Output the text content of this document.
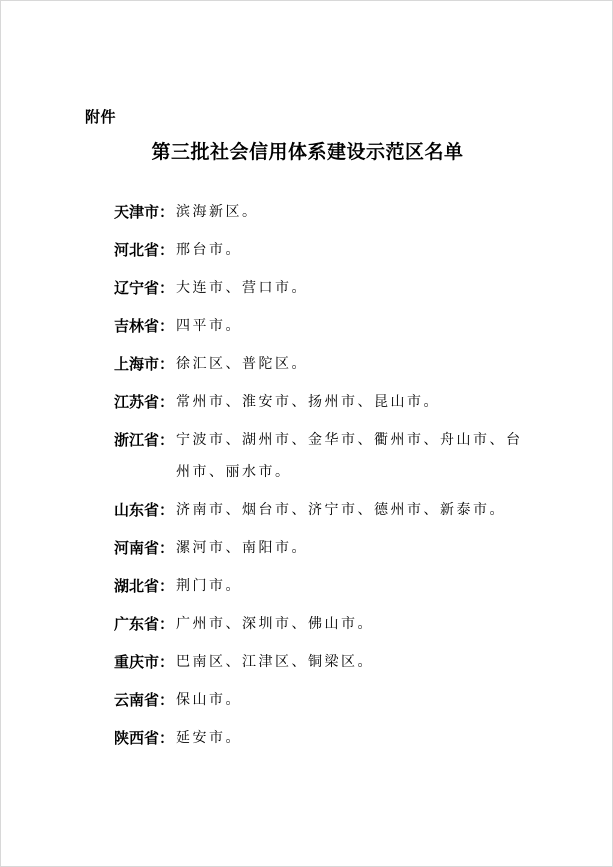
附件
第三批社会信用体系建设示范区名单
天津市： 滨海新区。
河北省： 邢台市。
辽宁省： 大连市、营口市。
吉林省： 四平市。
上海市： 徐汇区、普陀区。
江苏省： 常州市、淮安市、扬州市、昆山市。
浙江省： 宁波市、湖州市、金华市、衢州市、舟山市、台州市、丽水市。
山东省： 济南市、烟台市、济宁市、德州市、新泰市。
河南省： 漯河市、南阳市。
湖北省： 荆门市。
广东省： 广州市、深圳市、佛山市。
重庆市： 巴南区、江津区、铜梁区。
云南省： 保山市。
陕西省： 延安市。
